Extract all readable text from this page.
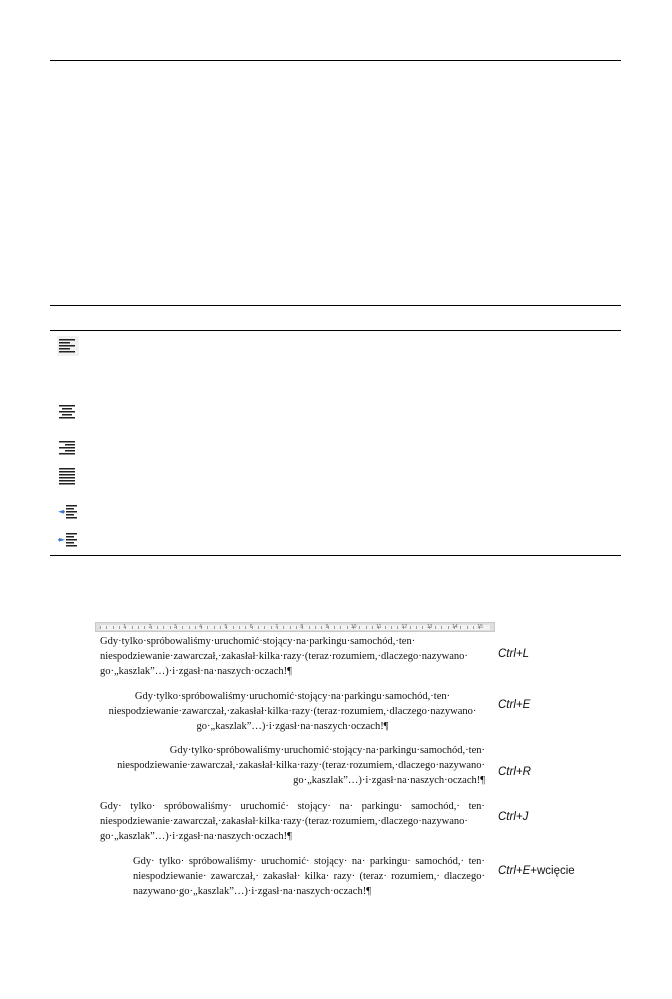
1	2	3	4	5	6	7	8	9	10	11	12	13	14	15
Gdy·tylko·spróbowaliśmy·uruchomić·stojący·na·parkingu·samochód,·ten·
niespodziewanie·zawarczał,·zakasłał·kilka·razy·(teraz·rozumiem,·dlaczego·nazywano·
go·„kaszlak”…)·i·zgasł·na·naszych·oczach!¶
Ctrl+L
Gdy·tylko·spróbowaliśmy·uruchomić·stojący·na·parkingu·samochód,·ten·
niespodziewanie·zawarczał,·zakasłał·kilka·razy·(teraz·rozumiem,·dlaczego·nazywano·
go·„kaszlak”…)·i·zgasł·na·naszych·oczach!¶
Ctrl+E
Gdy·tylko·spróbowaliśmy·uruchomić·stojący·na·parkingu·samochód,·ten·
niespodziewanie·zawarczał,·zakasłał·kilka·razy·(teraz·rozumiem,·dlaczego·nazywano·
go·„kaszlak”…)·i·zgasł·na·naszych·oczach!¶
Ctrl+R
Gdy· tylko· spróbowaliśmy· uruchomić· stojący· na· parkingu· samochód,· ten·
niespodziewanie·zawarczał,·zakasłał·kilka·razy·(teraz·rozumiem,·dlaczego·nazywano·
go·„kaszlak”…)·i·zgasł·na·naszych·oczach!¶
Ctrl+J
Gdy· tylko· spróbowaliśmy· uruchomić· stojący· na· parkingu· samochód,· ten·
niespodziewanie· zawarczał,· zakasłał· kilka· razy· (teraz· rozumiem,· dlaczego·
nazywano·go·„kaszlak”…)·i·zgasł·na·naszych·oczach!¶
Ctrl+E+wcięcie
